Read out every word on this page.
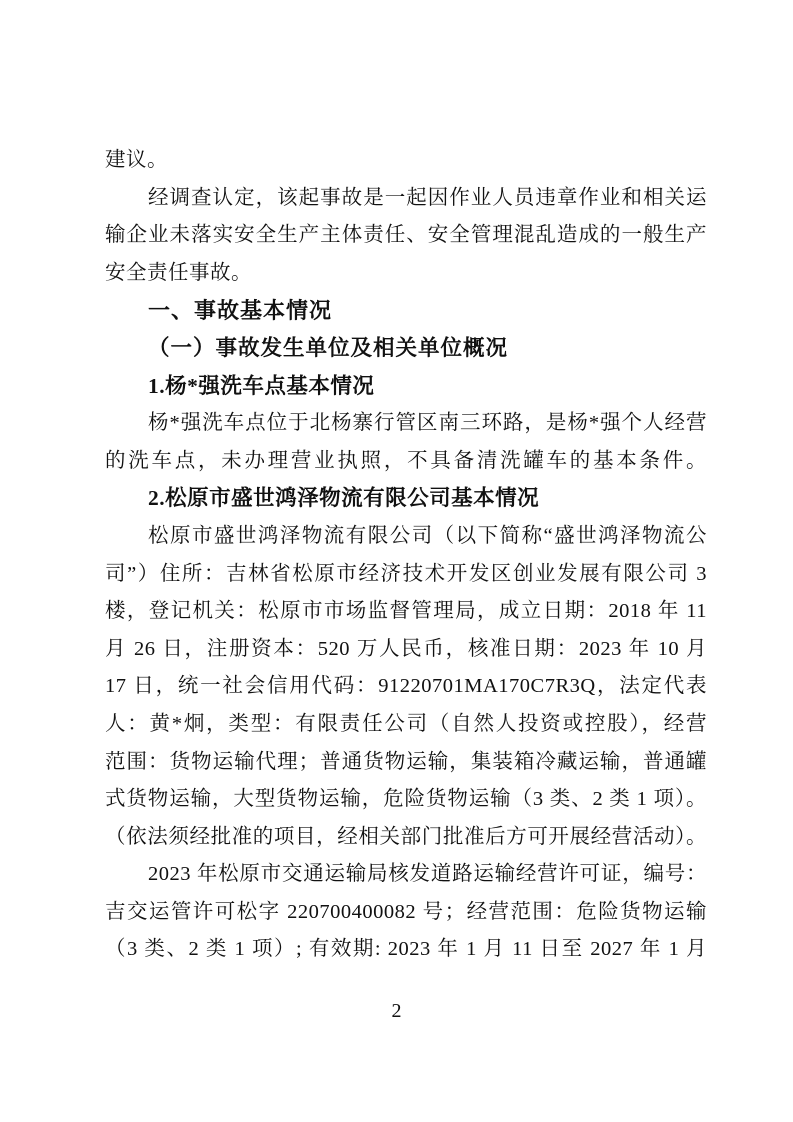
建议。
经调查认定，该起事故是一起因作业人员违章作业和相关运
输企业未落实安全生产主体责任、安全管理混乱造成的一般生产
安全责任事故。
一、事故基本情况
（一）事故发生单位及相关单位概况
1.杨*强洗车点基本情况
杨*强洗车点位于北杨寨行管区南三环路，是杨*强个人经营
的洗车点，未办理营业执照，不具备清洗罐车的基本条件。
2.松原市盛世鸿泽物流有限公司基本情况
松原市盛世鸿泽物流有限公司（以下简称“盛世鸿泽物流公
司”）住所：吉林省松原市经济技术开发区创业发展有限公司 3
楼，登记机关：松原市市场监督管理局，成立日期：2018 年 11
月 26 日，注册资本：520 万人民币，核准日期：2023 年 10 月
17 日，统一社会信用代码：91220701MA170C7R3Q，法定代表
人：黄*炯，类型：有限责任公司（自然人投资或控股），经营
范围：货物运输代理；普通货物运输，集装箱冷藏运输，普通罐
式货物运输，大型货物运输，危险货物运输（3 类、2 类 1 项）。
（依法须经批准的项目，经相关部门批准后方可开展经营活动）。
2023 年松原市交通运输局核发道路运输经营许可证，编号：
吉交运管许可松字 220700400082 号；经营范围：危险货物运输
（3 类、2 类 1 项）; 有效期: 2023 年 1 月 11 日至 2027 年 1 月
2
